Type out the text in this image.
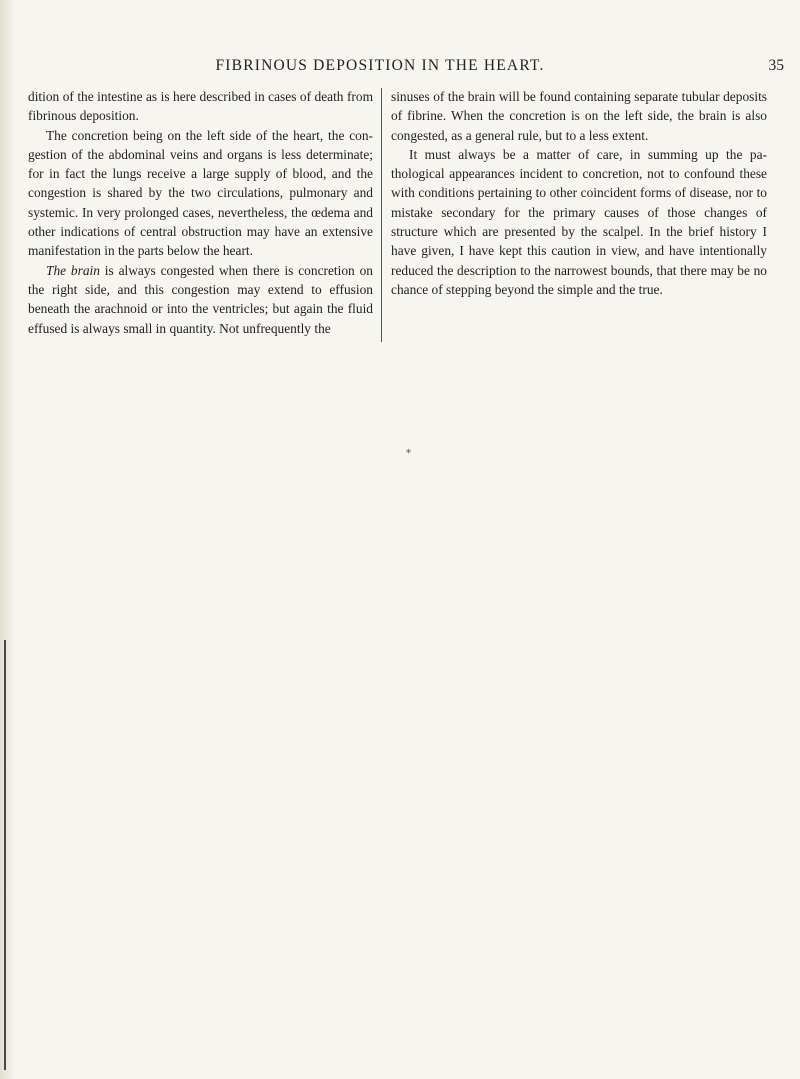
FIBRINOUS DEPOSITION IN THE HEART.	35

dition of the intestine as is here described in cases of death from fibrinous deposition.

The concretion being on the left side of the heart, the con-gestion of the abdominal veins and organs is less determinate; for in fact the lungs receive a large supply of blood, and the congestion is shared by the two circulations, pulmonary and systemic. In very prolonged cases, nevertheless, the œdema and other indications of central obstruction may have an extensive manifestation in the parts below the heart.

The brain is always congested when there is concretion on the right side, and this congestion may extend to effusion beneath the arachnoid or into the ventricles; but again the fluid effused is always small in quantity. Not unfrequently the

sinuses of the brain will be found containing separate tubular deposits of fibrine. When the concretion is on the left side, the brain is also congested, as a general rule, but to a less extent.

It must always be a matter of care, in summing up the pa-thological appearances incident to concretion, not to confound these with conditions pertaining to other coincident forms of disease, nor to mistake secondary for the primary causes of those changes of structure which are presented by the scalpel. In the brief history I have given, I have kept this caution in view, and have intentionally reduced the description to the narrowest bounds, that there may be no chance of stepping beyond the simple and the true.

⁎
